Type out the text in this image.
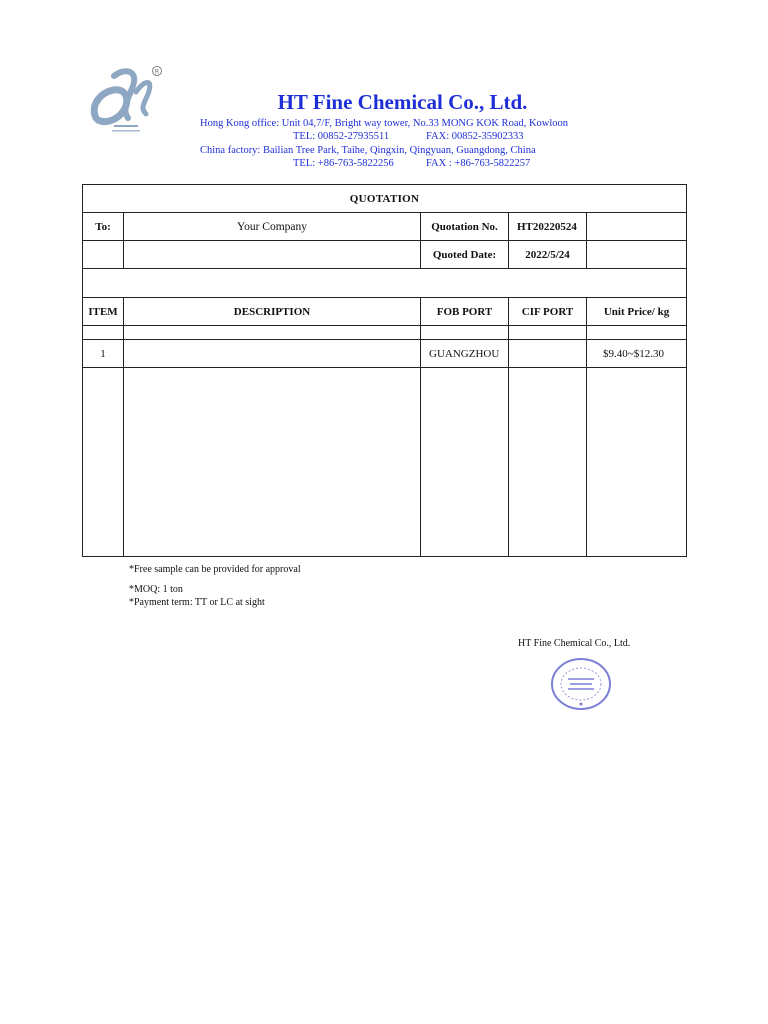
R
HT Fine Chemical Co., Ltd.
Hong Kong office: Unit 04,7/F, Bright way tower, No.33 MONG KOK Road, Kowloon
TEL: 00852-27935511	FAX: 00852-35902333
China factory: Bailian Tree Park, Taihe, Qingxin, Qingyuan, Guangdong, China
TEL: +86-763-5822256	FAX : +86-763-5822257
QUOTATION				
To:	Your Company	Quotation No.	HT20220524	
		Quoted Date:	2022/5/24	

ITEM	DESCRIPTION	FOB PORT	CIF PORT	Unit Price/ kg

1		GUANGZHOU		$9.40~$12.30

*Free sample can be provided for approval
*MOQ: 1 ton
*Payment term: TT or LC at sight
HT Fine Chemical Co., Ltd.
